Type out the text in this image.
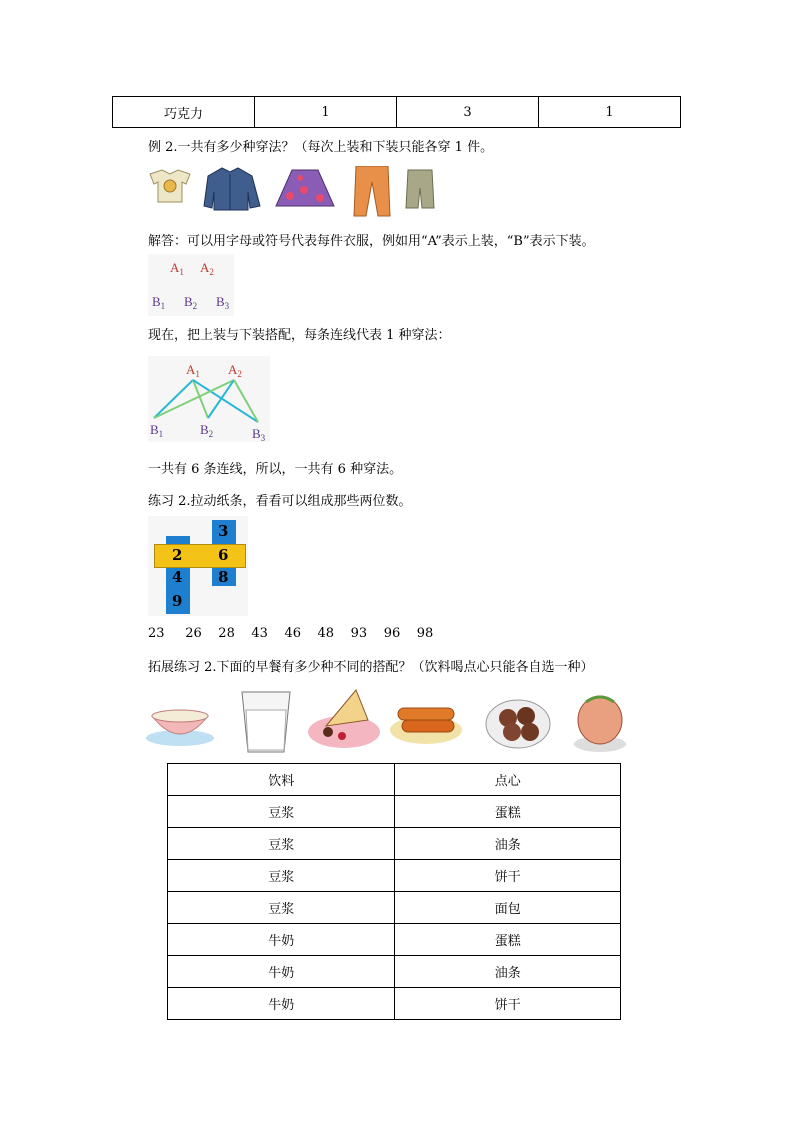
巧克力	1	3	1
例 2.一共有多少种穿法？（每次上装和下装只能各穿 1 件。
解答：可以用字母或符号代表每件衣服，例如用“A”表示上装，“B”表示下装。
$A_1$ $A_2$
$B_1$ $B_2$ $B_3$
现在，把上装与下装搭配，每条连线代表 1 种穿法：
$A_1$ $A_2$
$B_1$	$B_2$	$B_3$
一共有 6 条连线，所以，一共有 6 种穿法。
练习 2.拉动纸条，看看可以组成那些两位数。
3
2 6
4 8
9
23 26 28 43 46 48 93 96 98
拓展练习 2.下面的早餐有多少种不同的搭配？（饮料喝点心只能各自选一种）
饮料	点心
豆浆	蛋糕
豆浆	油条
豆浆	饼干
豆浆	面包
牛奶	蛋糕
牛奶	油条
牛奶	饼干
